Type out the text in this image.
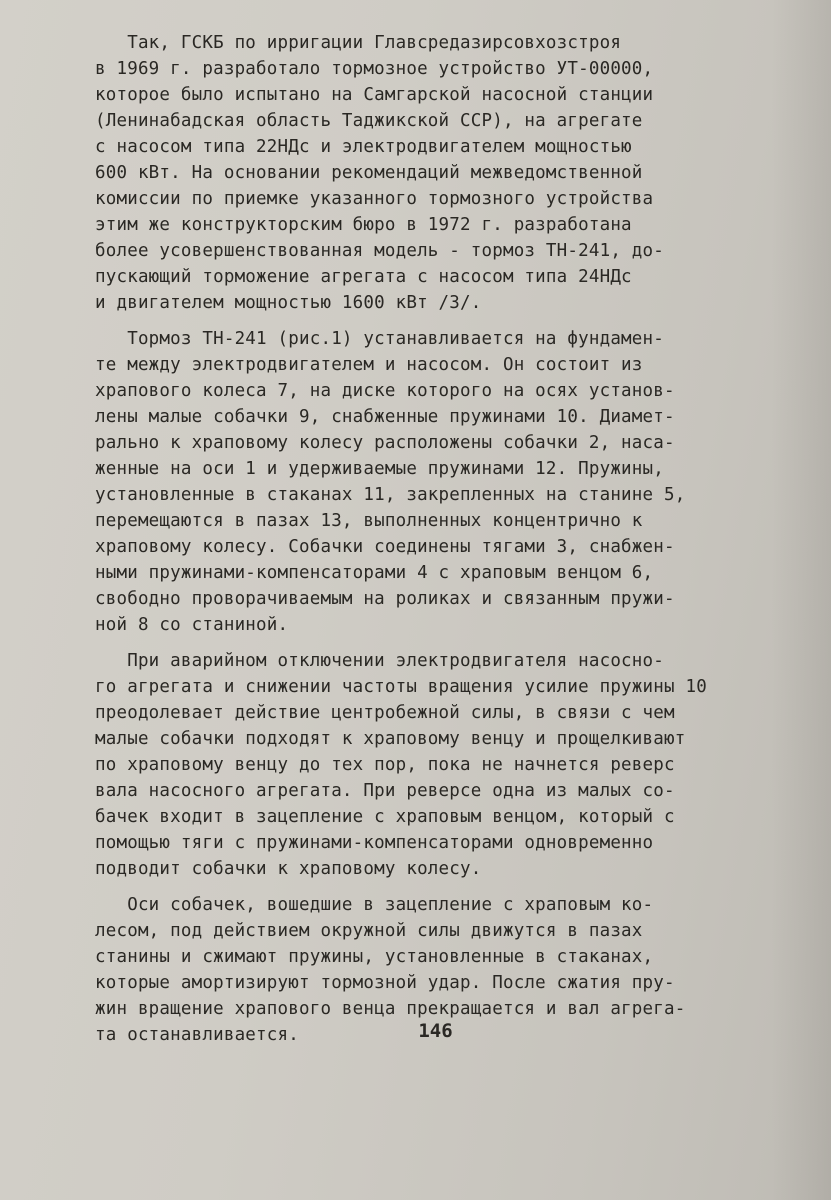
Так, ГСКБ по ирригации Главсредазирсовхозстроя
в 1969 г. разработало тормозное устройство УТ-00000,
которое было испытано на Самгарской насосной станции
(Ленинабадская область Таджикской ССР), на агрегате
с насосом типа 22НДс и электродвигателем мощностью
600 кВт. На основании рекомендаций межведомственной
комиссии по приемке указанного тормозного устройства
этим же конструкторским бюро в 1972 г. разработана
более усовершенствованная модель - тормоз ТН-241, до-
пускающий торможение агрегата с насосом типа 24НДс
и двигателем мощностью 1600 кВт /3/.
Тормоз ТН-241 (рис.1) устанавливается на фундамен-
те между электродвигателем и насосом. Он состоит из
храпового колеса 7, на диске которого на осях установ-
лены малые собачки 9, снабженные пружинами 10. Диамет-
рально к храповому колесу расположены собачки 2, наса-
женные на оси 1 и удерживаемые пружинами 12. Пружины,
установленные в стаканах 11, закрепленных на станине 5,
перемещаются в пазах 13, выполненных концентрично к
храповому колесу. Собачки соединены тягами 3, снабжен-
ными пружинами-компенсаторами 4 с храповым венцом 6,
свободно проворачиваемым на роликах и связанным пружи-
ной 8 со станиной.
При аварийном отключении электродвигателя насосно-
го агрегата и снижении частоты вращения усилие пружины 10
преодолевает действие центробежной силы, в связи с чем
малые собачки подходят к храповому венцу и прощелкивают
по храповому венцу до тех пор, пока не начнется реверс
вала насосного агрегата. При реверсе одна из малых со-
бачек входит в зацепление с храповым венцом, который с
помощью тяги с пружинами-компенсаторами одновременно
подводит собачки к храповому колесу.
Оси собачек, вошедшие в зацепление с храповым ко-
лесом, под действием окружной силы движутся в пазах
станины и сжимают пружины, установленные в стаканах,
которые амортизируют тормозной удар. После сжатия пру-
жин вращение храпового венца прекращается и вал агрега-
та останавливается.	146
